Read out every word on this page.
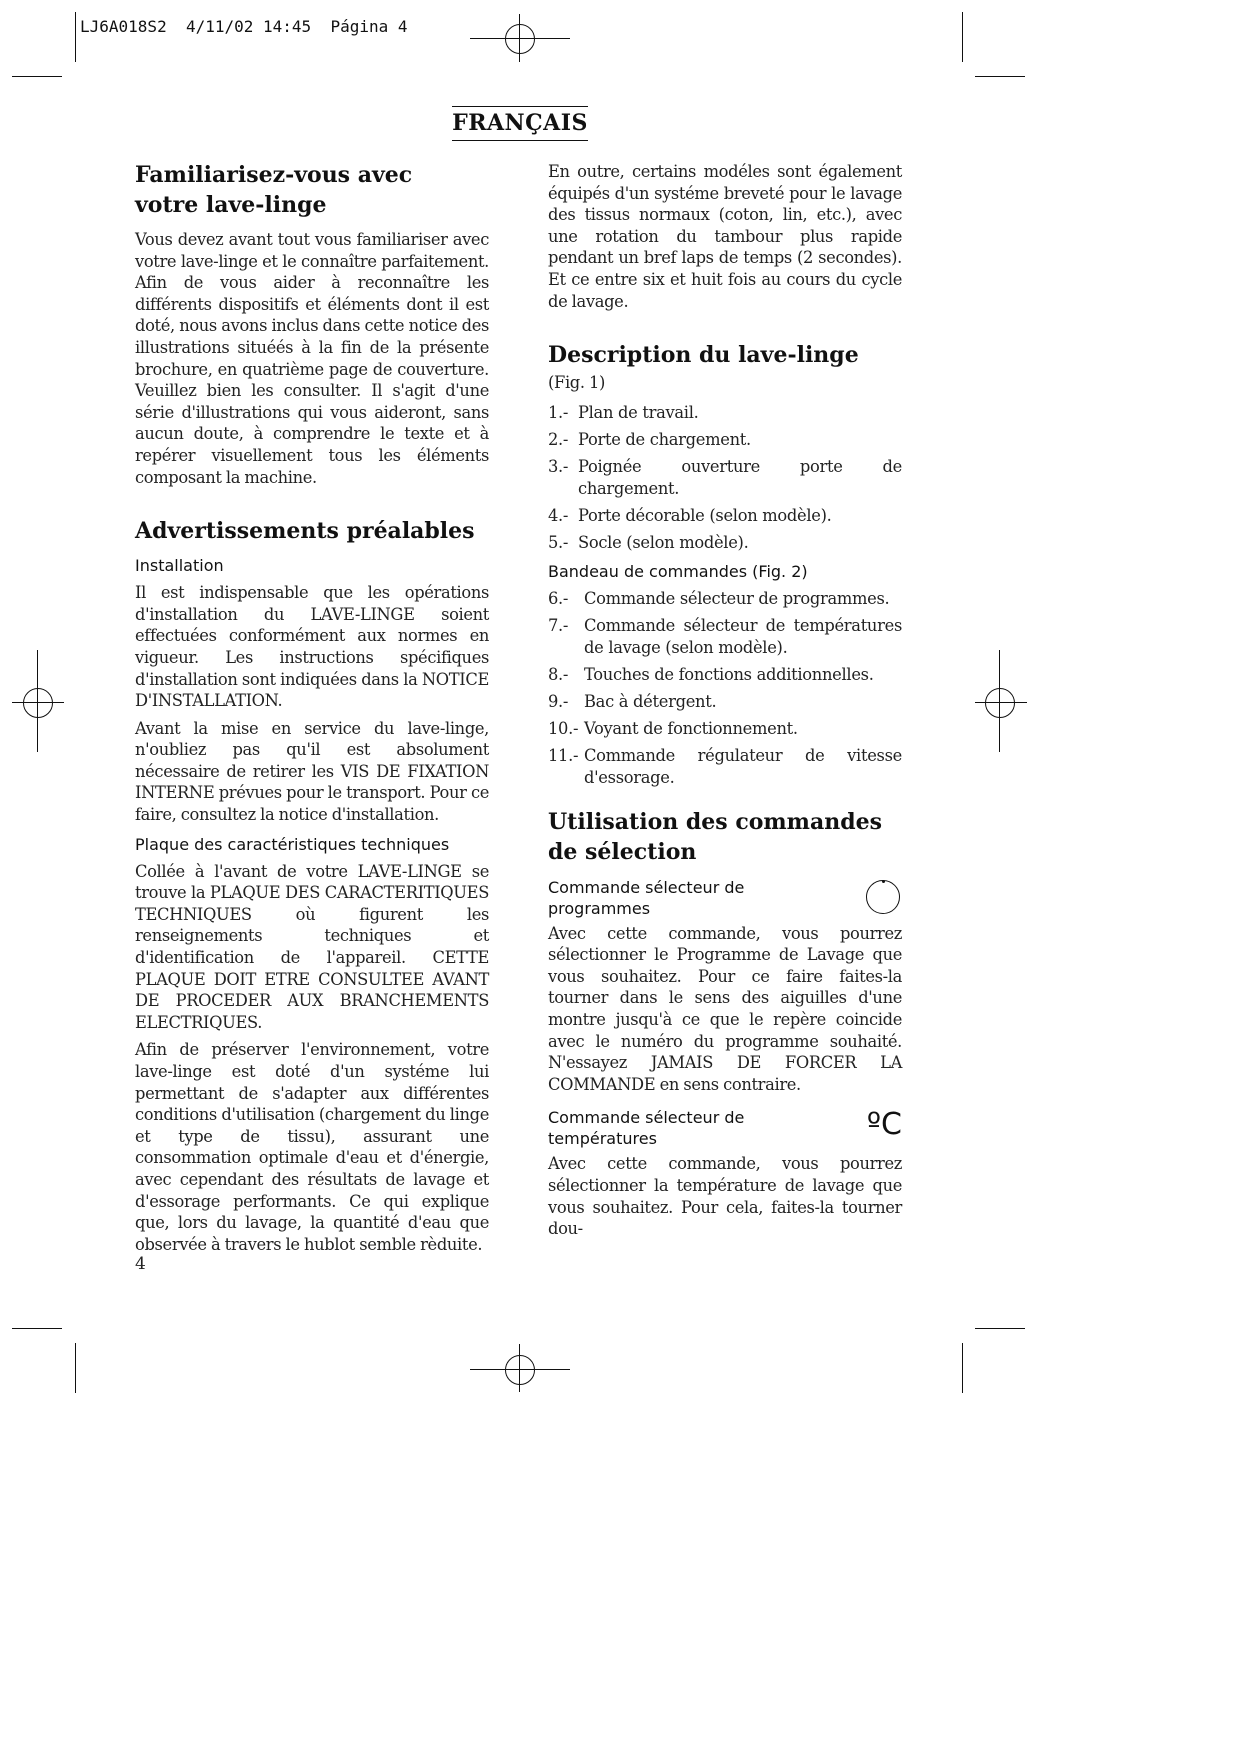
LJ6A018S2  4/11/02 14:45  Página 4
FRANÇAIS
Familiarisez-vous avec
votre lave-linge

Vous devez avant tout vous familiariser avec votre lave-linge et le connaître parfaitement. Afin de vous aider à reconnaître les différents dispositifs et éléments dont il est doté, nous avons inclus dans cette notice des illustrations situéés à la fin de la présente brochure, en quatrième page de couverture. Veuillez bien les consulter. Il s'agit d'une série d'illustrations qui vous aideront, sans aucun doute, à comprendre le texte et à repérer visuellement tous les éléments composant la machine.

Advertissements préalables
Installation

Il est indispensable que les opérations d'installation du LAVE-LINGE soient effectuées conformément aux normes en vigueur. Les instructions spécifiques d'installation sont indiquées dans la NOTICE D'INSTALLATION.

Avant la mise en service du lave-linge, n'oubliez pas qu'il est absolument nécessaire de retirer les VIS DE FIXATION INTERNE prévues pour le transport. Pour ce faire, consultez la notice d'installation.

Plaque des caractéristiques techniques

Collée à l'avant de votre LAVE-LINGE se trouve la PLAQUE DES CARACTERITIQUES TECHNIQUES où figurent les renseignements techniques et d'identification de l'appareil. CETTE PLAQUE DOIT ETRE CONSULTEE AVANT DE PROCEDER AUX BRANCHEMENTS ELECTRIQUES.

Afin de préserver l'environnement, votre lave-linge est doté d'un systéme lui permettant de s'adapter aux différentes conditions d'utilisation (chargement du linge et type de tissu), assurant une consommation optimale d'eau et d'énergie, avec cependant des résultats de lavage et d'essorage performants. Ce qui explique que, lors du lavage, la quantité d'eau que observée à travers le hublot semble rèduite.

En outre, certains modéles sont également équipés d'un systéme breveté pour le lavage des tissus normaux (coton, lin, etc.), avec une rotation du tambour plus rapide pendant un bref laps de temps (2 secondes). Et ce entre six et huit fois au cours du cycle de lavage.

Description du lave-linge

(Fig. 1)

1.- Plan de travail.
2.- Porte de chargement.
3.- Poignée ouverture porte de chargement.
4.- Porte décorable (selon modèle).
5.- Socle (selon modèle).
Bandeau de commandes (Fig. 2)
6.- Commande sélecteur de programmes.
7.- Commande sélecteur de températures de lavage (selon modèle).
8.- Touches de fonctions additionnelles.
9.- Bac à détergent.
10.- Voyant de fonctionnement.
11.- Commande régulateur de vitesse d'essorage.
Utilisation des commandes
de sélection
Commande sélecteur de
programmes

Avec cette commande, vous pourrez sélectionner le Programme de Lavage que vous souhaitez. Pour ce faire faites-la tourner dans le sens des aiguilles d'une montre jusqu'à ce que le repère coincide avec le numéro du programme souhaité. N'essayez JAMAIS DE FORCER LA COMMANDE en sens contraire.

Commande sélecteur de
températures	ºC

Avec cette commande, vous pourrez sélectionner la température de lavage que vous souhaitez. Pour cela, faites-la tourner dou-

4
